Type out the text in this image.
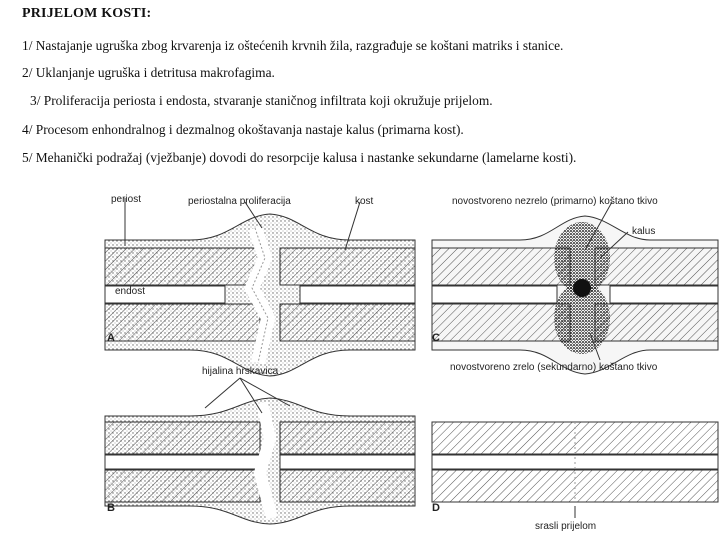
PRIJELOM KOSTI:
1/ Nastajanje ugruška zbog krvarenja iz oštećenih krvnih žila, razgrađuje se koštani matriks i stanice.
2/ Uklanjanje ugruška i detritusa makrofagima.
3/ Proliferacija periosta i endosta, stvaranje staničnog infiltrata koji okružuje prijelom.
4/ Procesom enhondralnog i dezmalnog okoštavanja nastaje kalus (primarna kost).
5/ Mehanički podražaj (vježbanje) dovodi do resorpcije kalusa i nastanke sekundarne (lamelarne kosti).
periost	periostalna proliferacija	kost
endost
novostvoreno nezrelo (primarno) koštano tkivo
kalus
novostvoreno zrelo (sekundarno) koštano tkivo
hijalina hrskavica
srasli prijelom
A
B
C
D
